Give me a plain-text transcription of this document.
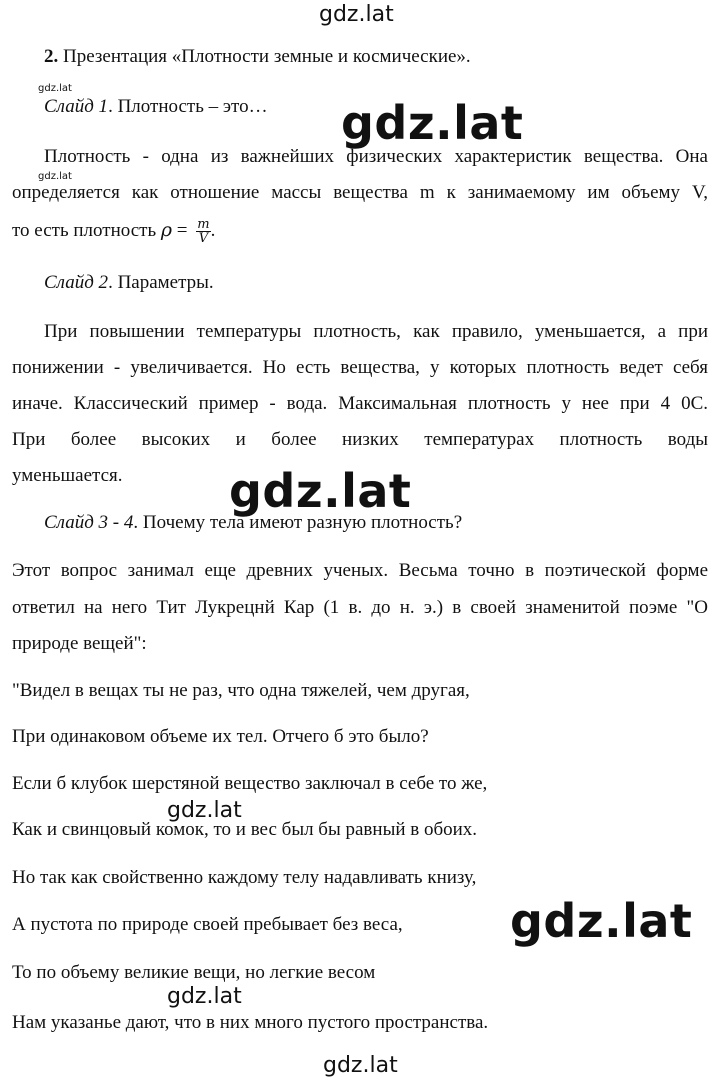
gdz.lat
gdz.lat
gdz.lat
gdz.lat
gdz.lat
gdz.lat
gdz.lat
gdz.lat
gdz.lat
2. Презентация «Плотности земные и космические».
Слайд 1. Плотность – это…
Плотность - одна из важнейших физических характеристик вещества. Она
определяется как отношение массы вещества m к занимаемому им объему V,
то есть плотность $\rho = \frac{m}{V}$ .
Слайд 2. Параметры.
При повышении температуры плотность, как правило, уменьшается, а при
понижении - увеличивается. Но есть вещества, у которых плотность ведет себя
иначе. Классический пример - вода. Максимальная плотность у нее при 4 0С.
При более высоких и более низких температурах плотность воды
уменьшается.
Слайд 3 - 4. Почему тела имеют разную плотность?
Этот вопрос занимал еще древних ученых. Весьма точно в поэтической форме
ответил на него Тит Лукрецнй Кар (1 в. до н. э.) в своей знаменитой поэме "О
природе вещей":
"Видел в вещах ты не раз, что одна тяжелей, чем другая,
При одинаковом объеме их тел. Отчего б это было?
Если б клубок шерстяной вещество заключал в себе то же,
Как и свинцовый комок, то и вес был бы равный в обоих.
Но так как свойственно каждому телу надавливать книзу,
А пустота по природе своей пребывает без веса,
То по объему великие вещи, но легкие весом
Нам указанье дают, что в них много пустого пространства.
